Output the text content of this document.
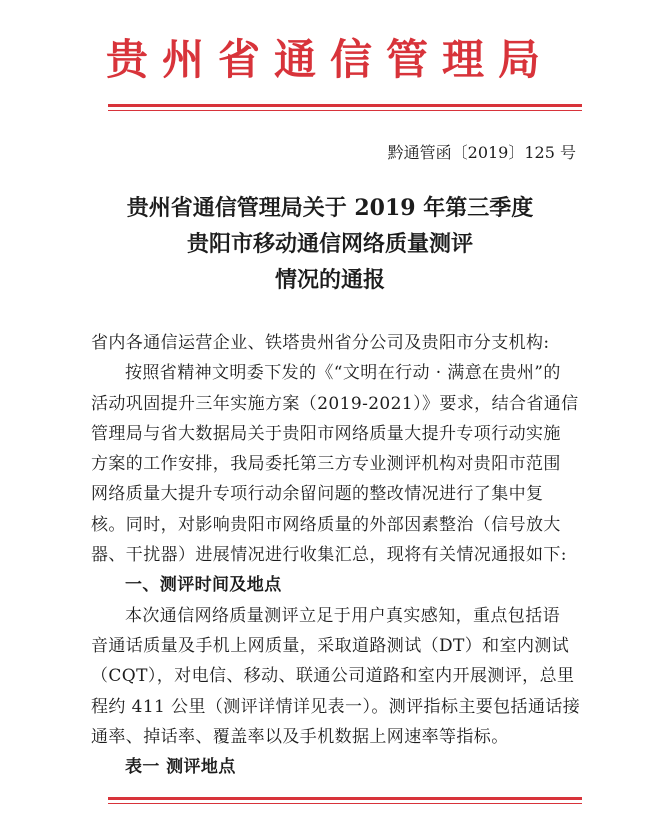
贵州省通信管理局
黔通管函〔2019〕125 号
贵州省通信管理局关于 2019 年第三季度
贵阳市移动通信网络质量测评
情况的通报

省内各通信运营企业、铁塔贵州省分公司及贵阳市分支机构:

按照省精神文明委下发的《“文明在行动 · 满意在贵州”的

活动巩固提升三年实施方案（2019-2021）》要求，结合省通信

管理局与省大数据局关于贵阳市网络质量大提升专项行动实施

方案的工作安排，我局委托第三方专业测评机构对贵阳市范围

网络质量大提升专项行动余留问题的整改情况进行了集中复

核。同时，对影响贵阳市网络质量的外部因素整治（信号放大

器、干扰器）进展情况进行收集汇总，现将有关情况通报如下:

一、测评时间及地点

本次通信网络质量测评立足于用户真实感知，重点包括语

音通话质量及手机上网质量，采取道路测试（DT）和室内测试

（CQT），对电信、移动、联通公司道路和室内开展测评，总里

程约 411 公里（测评详情详见表一）。测评指标主要包括通话接

通率、掉话率、覆盖率以及手机数据上网速率等指标。

表一 测评地点
